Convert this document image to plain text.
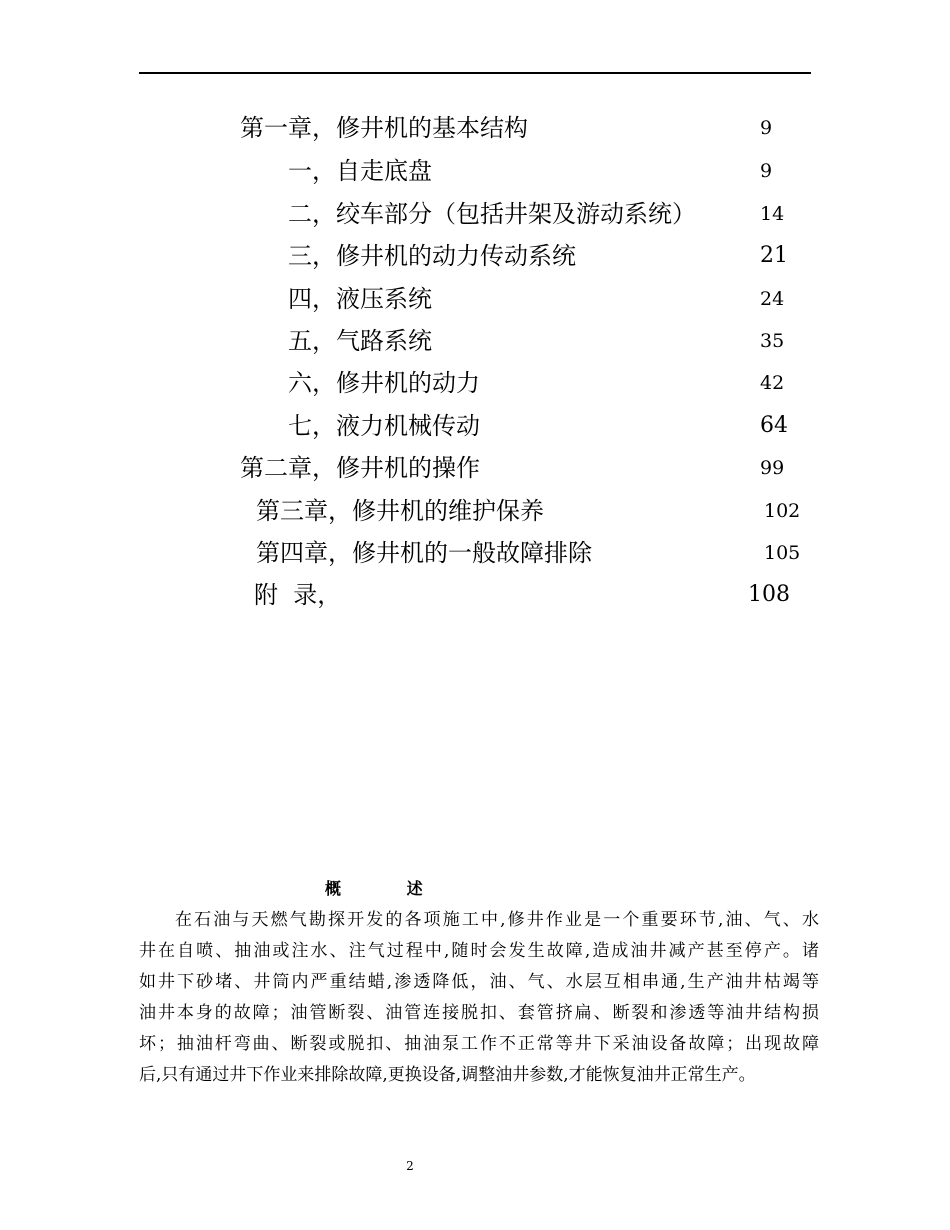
第一章，修井机的基本结构	9
一，自走底盘	9
二，绞车部分（包括井架及游动系统）	14
三，修井机的动力传动系统	21
四，液压系统	24
五，气路系统	35
六，修井机的动力	42
七，液力机械传动	64
第二章，修井机的操作	99
第三章，修井机的维护保养	102
第四章，修井机的一般故障排除	105
附  录，	108
概 述
在石油与天燃气勘探开发的各项施工中,修井作业是一个重要环节,油、气、水
井在自喷、抽油或注水、注气过程中,随时会发生故障,造成油井减产甚至停产。诸
如井下砂堵、井筒内严重结蜡,渗透降低，油、气、水层互相串通,生产油井枯竭等
油井本身的故障；油管断裂、油管连接脱扣、套管挤扁、断裂和渗透等油井结构损
坏；抽油杆弯曲、断裂或脱扣、抽油泵工作不正常等井下采油设备故障；出现故障
后,只有通过井下作业来排除故障,更换设备,调整油井参数,才能恢复油井正常生产。
2
